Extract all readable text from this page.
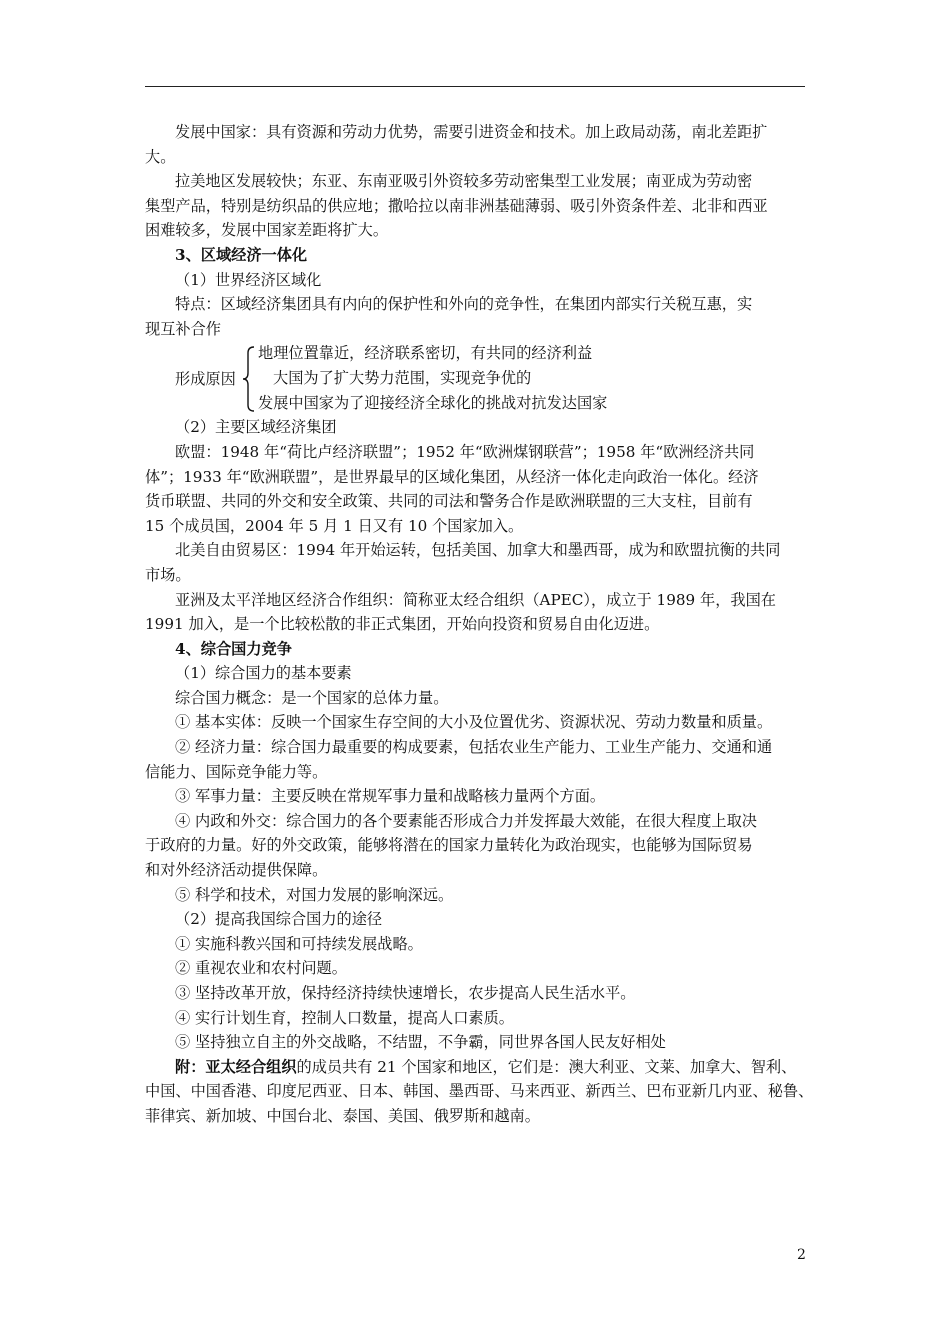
发展中国家：具有资源和劳动力优势，需要引进资金和技术。加上政局动荡，南北差距扩

大。

拉美地区发展较快；东亚、东南亚吸引外资较多劳动密集型工业发展；南亚成为劳动密

集型产品，特别是纺织品的供应地；撒哈拉以南非洲基础薄弱、吸引外资条件差、北非和西亚

困难较多，发展中国家差距将扩大。

3、区域经济一体化

（1）世界经济区域化

特点：区域经济集团具有内向的保护性和外向的竞争性，在集团内部实行关税互惠，实

现互补合作

形成原因
地理位置靠近，经济联系密切，有共同的经济利益
大国为了扩大势力范围，实现竞争优的
发展中国家为了迎接经济全球化的挑战对抗发达国家

（2）主要区域经济集团

欧盟：1948 年“荷比卢经济联盟”；1952 年“欧洲煤钢联营”；1958 年“欧洲经济共同

体”；1933 年“欧洲联盟”，是世界最早的区域化集团，从经济一体化走向政治一体化。经济

货币联盟、共同的外交和安全政策、共同的司法和警务合作是欧洲联盟的三大支柱，目前有

15 个成员国，2004 年 5 月 1 日又有 10 个国家加入。

北美自由贸易区：1994 年开始运转，包括美国、加拿大和墨西哥，成为和欧盟抗衡的共同

市场。

亚洲及太平洋地区经济合作组织：简称亚太经合组织（APEC），成立于 1989 年，我国在

1991 加入，是一个比较松散的非正式集团，开始向投资和贸易自由化迈进。

4、综合国力竞争

（1）综合国力的基本要素

综合国力概念：是一个国家的总体力量。

① 基本实体：反映一个国家生存空间的大小及位置优劣、资源状况、劳动力数量和质量。

② 经济力量：综合国力最重要的构成要素，包括农业生产能力、工业生产能力、交通和通

信能力、国际竞争能力等。

③ 军事力量：主要反映在常规军事力量和战略核力量两个方面。

④ 内政和外交：综合国力的各个要素能否形成合力并发挥最大效能，在很大程度上取决

于政府的力量。好的外交政策，能够将潜在的国家力量转化为政治现实，也能够为国际贸易

和对外经济活动提供保障。

⑤ 科学和技术，对国力发展的影响深远。

（2）提高我国综合国力的途径

① 实施科教兴国和可持续发展战略。

② 重视农业和农村问题。

③ 坚持改革开放，保持经济持续快速增长，农步提高人民生活水平。

④ 实行计划生育，控制人口数量，提高人口素质。

⑤ 坚持独立自主的外交战略，不结盟，不争霸，同世界各国人民友好相处

附：亚太经合组织的成员共有 21 个国家和地区，它们是：澳大利亚、文莱、加拿大、智利、

中国、中国香港、印度尼西亚、日本、韩国、墨西哥、马来西亚、新西兰、巴布亚新几内亚、秘鲁、

菲律宾、新加坡、中国台北、泰国、美国、俄罗斯和越南。

2
